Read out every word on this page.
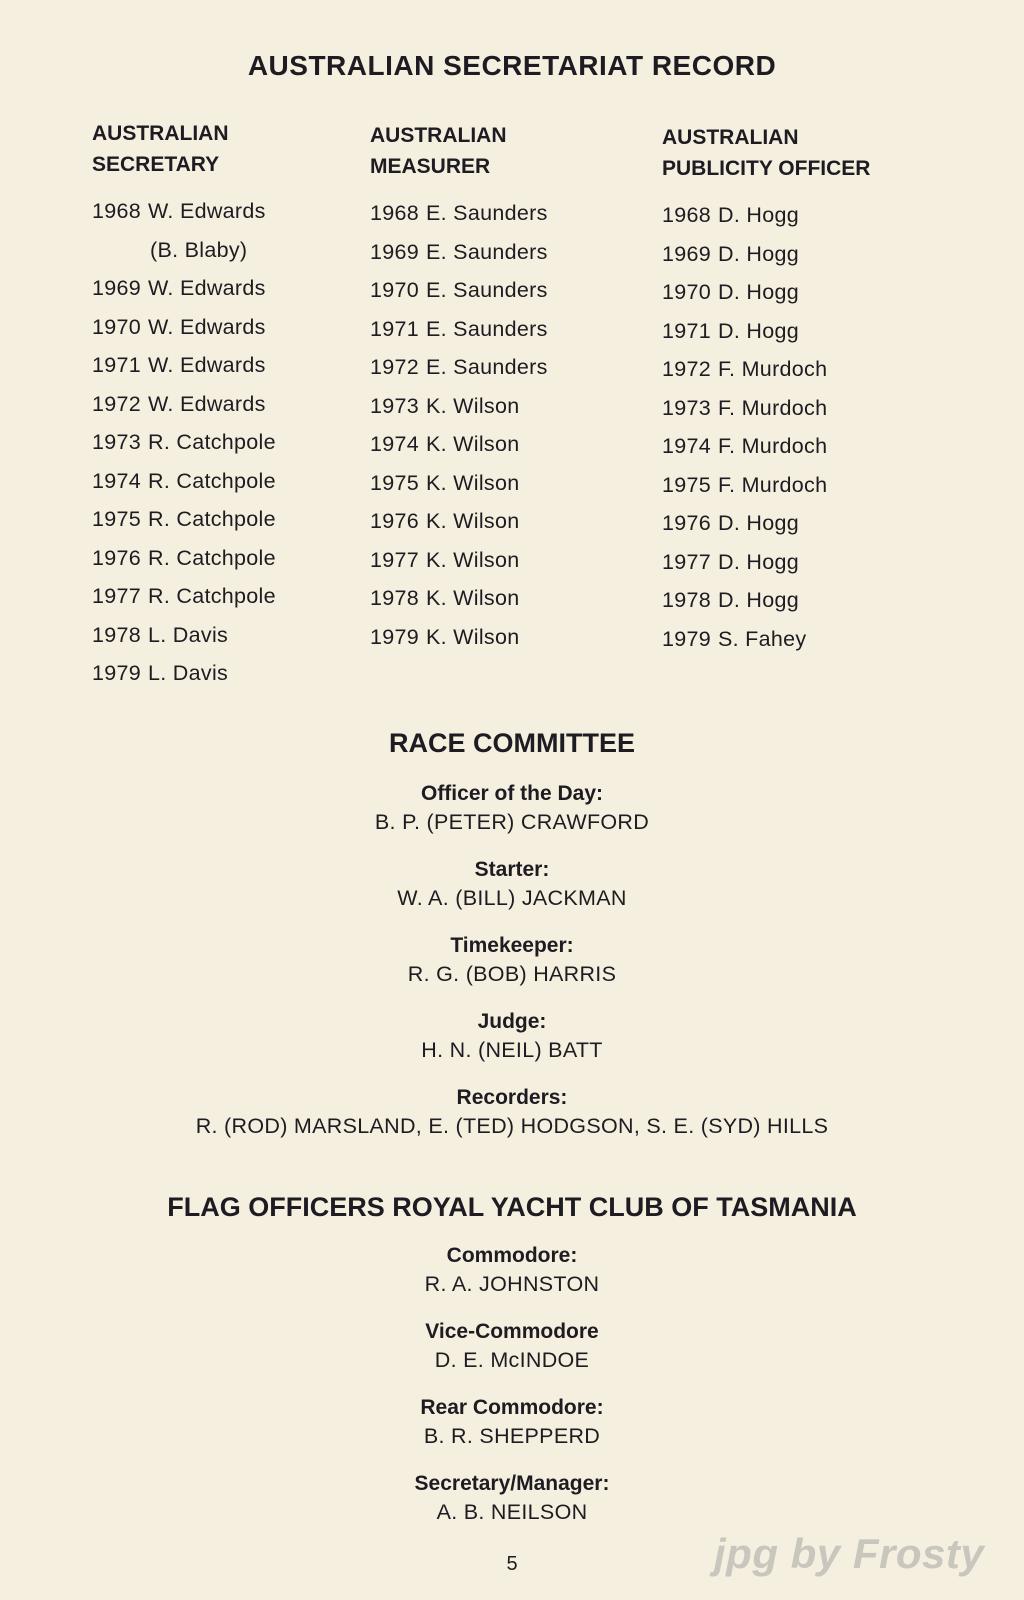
AUSTRALIAN SECRETARIAT RECORD
AUSTRALIAN
SECRETARY
1968 W. Edwards
(B. Blaby)
1969 W. Edwards
1970 W. Edwards
1971 W. Edwards
1972 W. Edwards
1973 R. Catchpole
1974 R. Catchpole
1975 R. Catchpole
1976 R. Catchpole
1977 R. Catchpole
1978 L. Davis
1979 L. Davis
AUSTRALIAN
MEASURER
1968 E. Saunders
1969 E. Saunders
1970 E. Saunders
1971 E. Saunders
1972 E. Saunders
1973 K. Wilson
1974 K. Wilson
1975 K. Wilson
1976 K. Wilson
1977 K. Wilson
1978 K. Wilson
1979 K. Wilson
AUSTRALIAN
PUBLICITY OFFICER
1968 D. Hogg
1969 D. Hogg
1970 D. Hogg
1971 D. Hogg
1972 F. Murdoch
1973 F. Murdoch
1974 F. Murdoch
1975 F. Murdoch
1976 D. Hogg
1977 D. Hogg
1978 D. Hogg
1979 S. Fahey
RACE COMMITTEE
Officer of the Day:
B. P. (PETER) CRAWFORD
Starter:
W. A. (BILL) JACKMAN
Timekeeper:
R. G. (BOB) HARRIS
Judge:
H. N. (NEIL) BATT
Recorders:
R. (ROD) MARSLAND, E. (TED) HODGSON, S. E. (SYD) HILLS
FLAG OFFICERS ROYAL YACHT CLUB OF TASMANIA
Commodore:
R. A. JOHNSTON
Vice-Commodore
D. E. McINDOE
Rear Commodore:
B. R. SHEPPERD
Secretary/Manager:
A. B. NEILSON
5	jpg by Frosty
